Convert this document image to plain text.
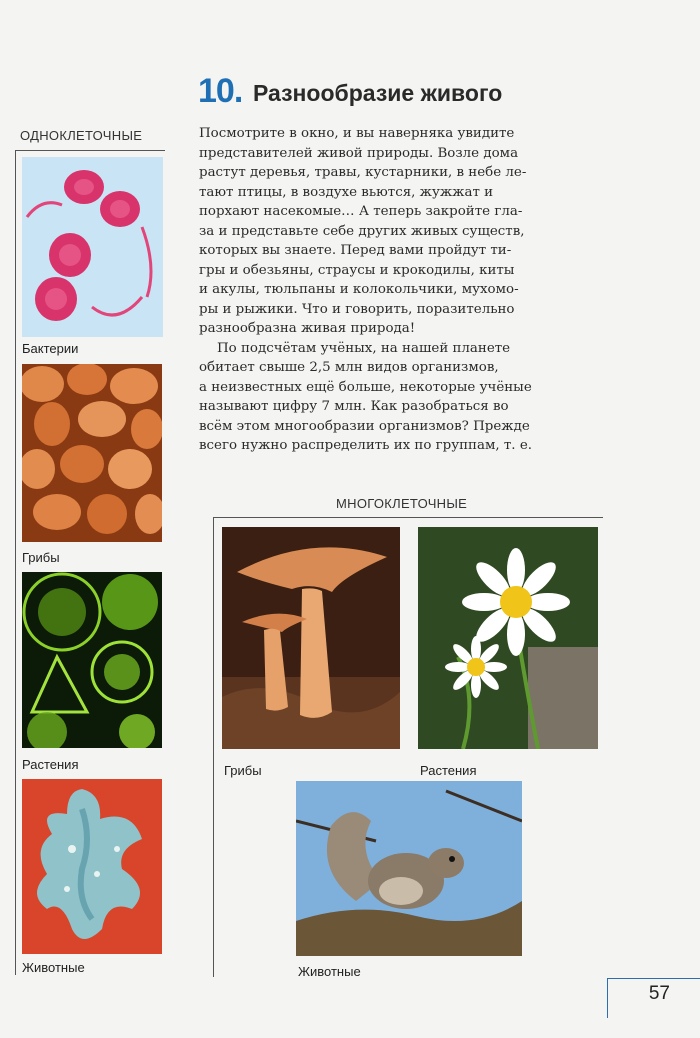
10. Разнообразие живого
ОДНОКЛЕТОЧНЫЕ
Бактерии
Грибы
Растения
Животные

Посмотрите в окно, и вы наверняка увидите
представителей живой природы. Возле дома
растут деревья, травы, кустарники, в небе ле-
тают птицы, в воздухе вьются, жужжат и
порхают насекомые… А теперь закройте гла-
за и представьте себе других живых существ,
которых вы знаете. Перед вами пройдут ти-
гры и обезьяны, страусы и крокодилы, киты
и акулы, тюльпаны и колокольчики, мухомо-
ры и рыжики. Что и говорить, поразительно
разнообразна живая природа!

По подсчётам учёных, на нашей планете
обитает свыше 2,5 млн видов организмов,
а неизвестных ещё больше, некоторые учёные
называют цифру 7 млн. Как разобраться во
всём этом многообразии организмов? Прежде
всего нужно распределить их по группам, т. е.

МНОГОКЛЕТОЧНЫЕ
Грибы	Растения
Животные
57
